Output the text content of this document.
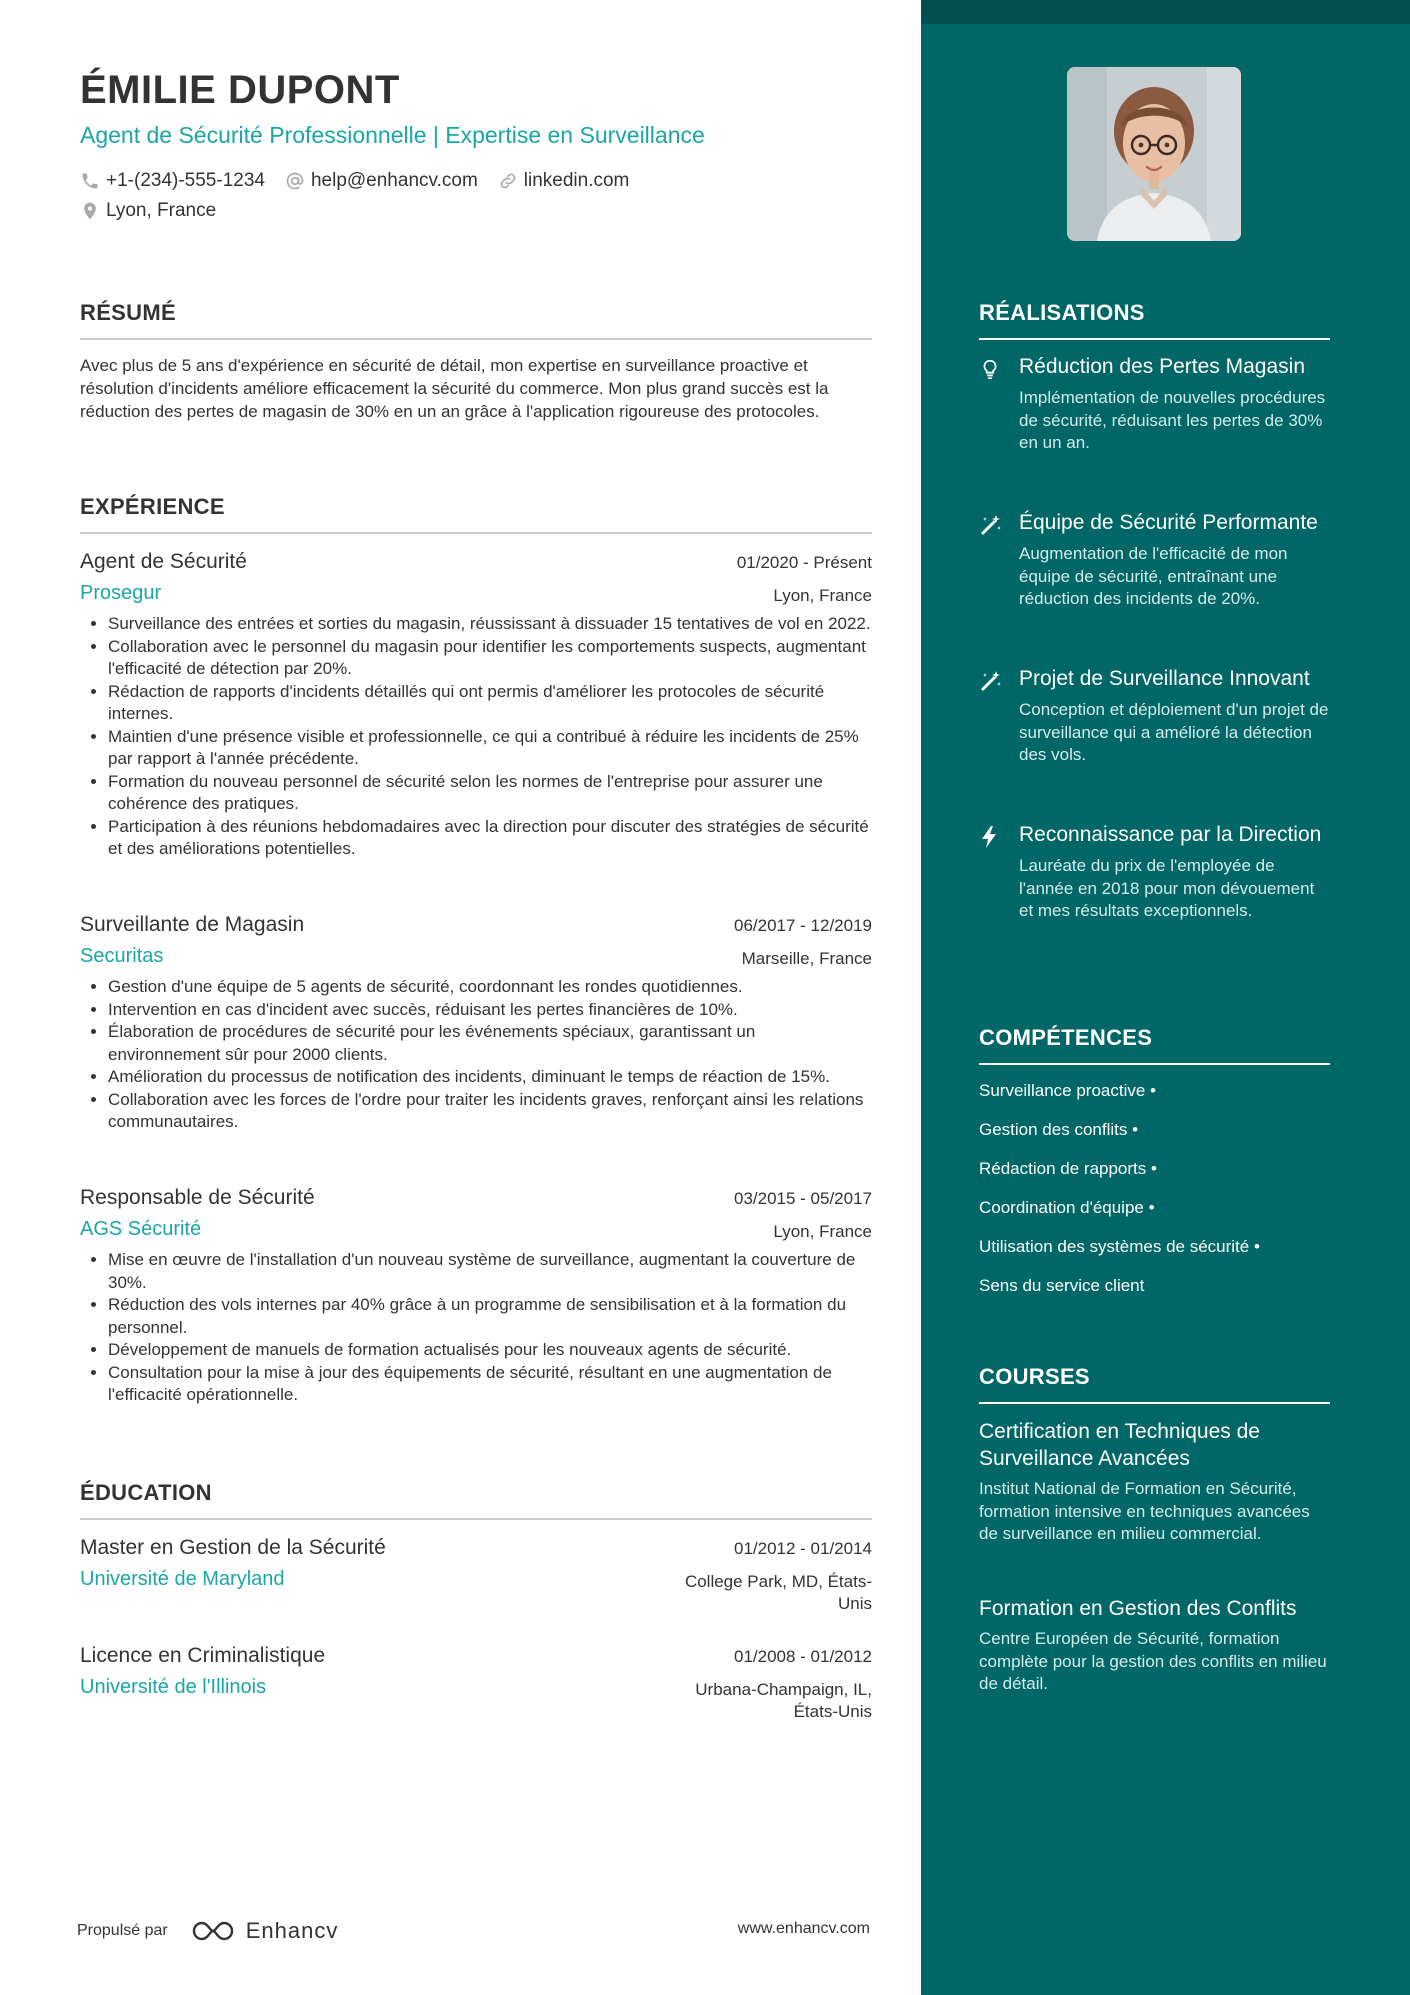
ÉMILIE DUPONT
Agent de Sécurité Professionnelle | Expertise en Surveillance
+1-(234)-555-1234 help@enhancv.com linkedin.com
Lyon, France
RÉSUMÉ

Avec plus de 5 ans d'expérience en sécurité de détail, mon expertise en surveillance proactive et résolution d'incidents améliore efficacement la sécurité du commerce. Mon plus grand succès est la réduction des pertes de magasin de 30% en un an grâce à l'application rigoureuse des protocoles.

EXPÉRIENCE
Agent de Sécurité	01/2020 - Présent
Prosegur	Lyon, France
• Surveillance des entrées et sorties du magasin, réussissant à dissuader 15 tentatives de vol en 2022.
• Collaboration avec le personnel du magasin pour identifier les comportements suspects, augmentant l'efficacité de détection par 20%.
• Rédaction de rapports d'incidents détaillés qui ont permis d'améliorer les protocoles de sécurité internes.
• Maintien d'une présence visible et professionnelle, ce qui a contribué à réduire les incidents de 25% par rapport à l'année précédente.
• Formation du nouveau personnel de sécurité selon les normes de l'entreprise pour assurer une cohérence des pratiques.
• Participation à des réunions hebdomadaires avec la direction pour discuter des stratégies de sécurité et des améliorations potentielles.
Surveillante de Magasin	06/2017 - 12/2019
Securitas	Marseille, France
• Gestion d'une équipe de 5 agents de sécurité, coordonnant les rondes quotidiennes.
• Intervention en cas d'incident avec succès, réduisant les pertes financières de 10%.
• Élaboration de procédures de sécurité pour les événements spéciaux, garantissant un environnement sûr pour 2000 clients.
• Amélioration du processus de notification des incidents, diminuant le temps de réaction de 15%.
• Collaboration avec les forces de l'ordre pour traiter les incidents graves, renforçant ainsi les relations communautaires.
Responsable de Sécurité	03/2015 - 05/2017
AGS Sécurité	Lyon, France
• Mise en œuvre de l'installation d'un nouveau système de surveillance, augmentant la couverture de 30%.
• Réduction des vols internes par 40% grâce à un programme de sensibilisation et à la formation du personnel.
• Développement de manuels de formation actualisés pour les nouveaux agents de sécurité.
• Consultation pour la mise à jour des équipements de sécurité, résultant en une augmentation de l'efficacité opérationnelle.
ÉDUCATION
Master en Gestion de la Sécurité	01/2012 - 01/2014
Université de Maryland	College Park, MD, États-
Unis
Licence en Criminalistique	01/2008 - 01/2012
Université de l'Illinois	Urbana-Champaign, IL,
États-Unis
Propulsé par	Enhancv	www.enhancv.com
RÉALISATIONS
Réduction des Pertes Magasin
Implémentation de nouvelles procédures de sécurité, réduisant les pertes de 30% en un an.
Équipe de Sécurité Performante
Augmentation de l'efficacité de mon équipe de sécurité, entraînant une réduction des incidents de 20%.
Projet de Surveillance Innovant
Conception et déploiement d'un projet de surveillance qui a amélioré la détection des vols.
Reconnaissance par la Direction
Lauréate du prix de l'employée de l'année en 2018 pour mon dévouement et mes résultats exceptionnels.
COMPÉTENCES
Surveillance proactive •
Gestion des conflits •
Rédaction de rapports •
Coordination d'équipe •
Utilisation des systèmes de sécurité •
Sens du service client
COURSES
Certification en Techniques de Surveillance Avancées
Institut National de Formation en Sécurité, formation intensive en techniques avancées de surveillance en milieu commercial.
Formation en Gestion des Conflits
Centre Européen de Sécurité, formation complète pour la gestion des conflits en milieu de détail.
